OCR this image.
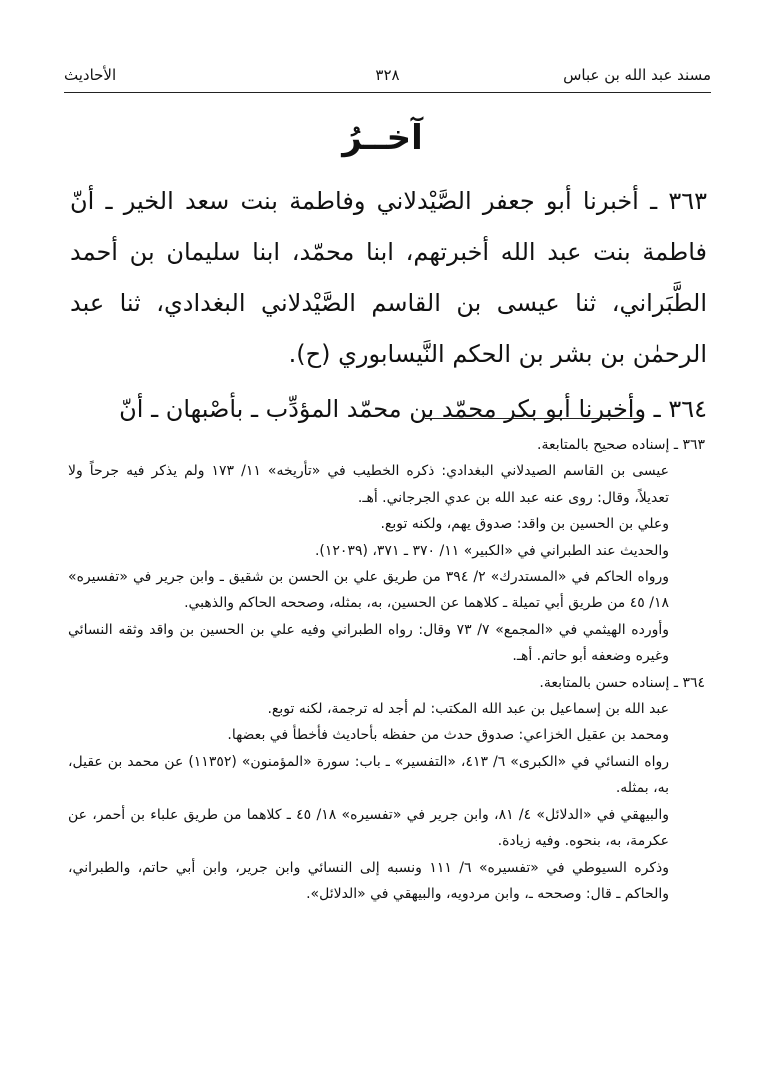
مسند عبد الله بن عباس
٣٢٨
الأحاديث
آخــرُ

٣٦٣ ـ أخبرنا أبو جعفر الصَّيْدلاني وفاطمة بنت سعد الخير ـ أنّ فاطمة بنت عبد الله أخبرتهم، ابنا محمّد، ابنا سليمان بن أحمد الطَّبَراني، ثنا عيسى بن القاسم الصَّيْدلاني البغدادي، ثنا عبد الرحمٰن بن بشر بن الحكم النَّيسابوري (ح).

٣٦٤ ـ وأخبرنا أبو بكر محمّد بن محمّد المؤدِّب ـ بأصْبهان ـ أنّ

٣٦٣ ـ إسناده صحيح بالمتابعة.

عيسى بن القاسم الصيدلاني البغدادي: ذكره الخطيب في «تأريخه» ١١/ ١٧٣ ولم يذكر فيه جرحاً ولا تعديلاً، وقال: روى عنه عبد الله بن عدي الجرجاني. أهـ.

وعلي بن الحسين بن واقد: صدوق يهم، ولكنه توبع.

والحديث عند الطبراني في «الكبير» ١١/ ٣٧٠ ـ ٣٧١، (١٢٠٣٩).

ورواه الحاكم في «المستدرك» ٢/ ٣٩٤ من طريق علي بن الحسن بن شقيق ـ وابن جرير في «تفسيره» ١٨/ ٤٥ من طريق أبي تميلة ـ كلاهما عن الحسين، به، بمثله، وصححه الحاكم والذهبي.

وأورده الهيثمي في «المجمع» ٧/ ٧٣ وقال: رواه الطبراني وفيه علي بن الحسين بن واقد وثقه النسائي وغيره وضعفه أبو حاتم. أهـ.

٣٦٤ ـ إسناده حسن بالمتابعة.

عبد الله بن إسماعيل بن عبد الله المكتب: لم أجد له ترجمة، لكنه توبع.

ومحمد بن عقيل الخزاعي: صدوق حدث من حفظه بأحاديث فأخطأ في بعضها.

رواه النسائي في «الكبرى» ٦/ ٤١٣، «التفسير» ـ باب: سورة «المؤمنون» (١١٣٥٢) عن محمد بن عقيل، به، بمثله.

والبيهقي في «الدلائل» ٤/ ٨١، وابن جرير في «تفسيره» ١٨/ ٤٥ ـ كلاهما من طريق علباء بن أحمر، عن عكرمة، به، بنحوه. وفيه زيادة.

وذكره السيوطي في «تفسيره» ٦/ ١١١ ونسبه إلى النسائي وابن جرير، وابن أبي حاتم، والطبراني، والحاكم ـ قال: وصححه ـ، وابن مردويه، والبيهقي في «الدلائل».
